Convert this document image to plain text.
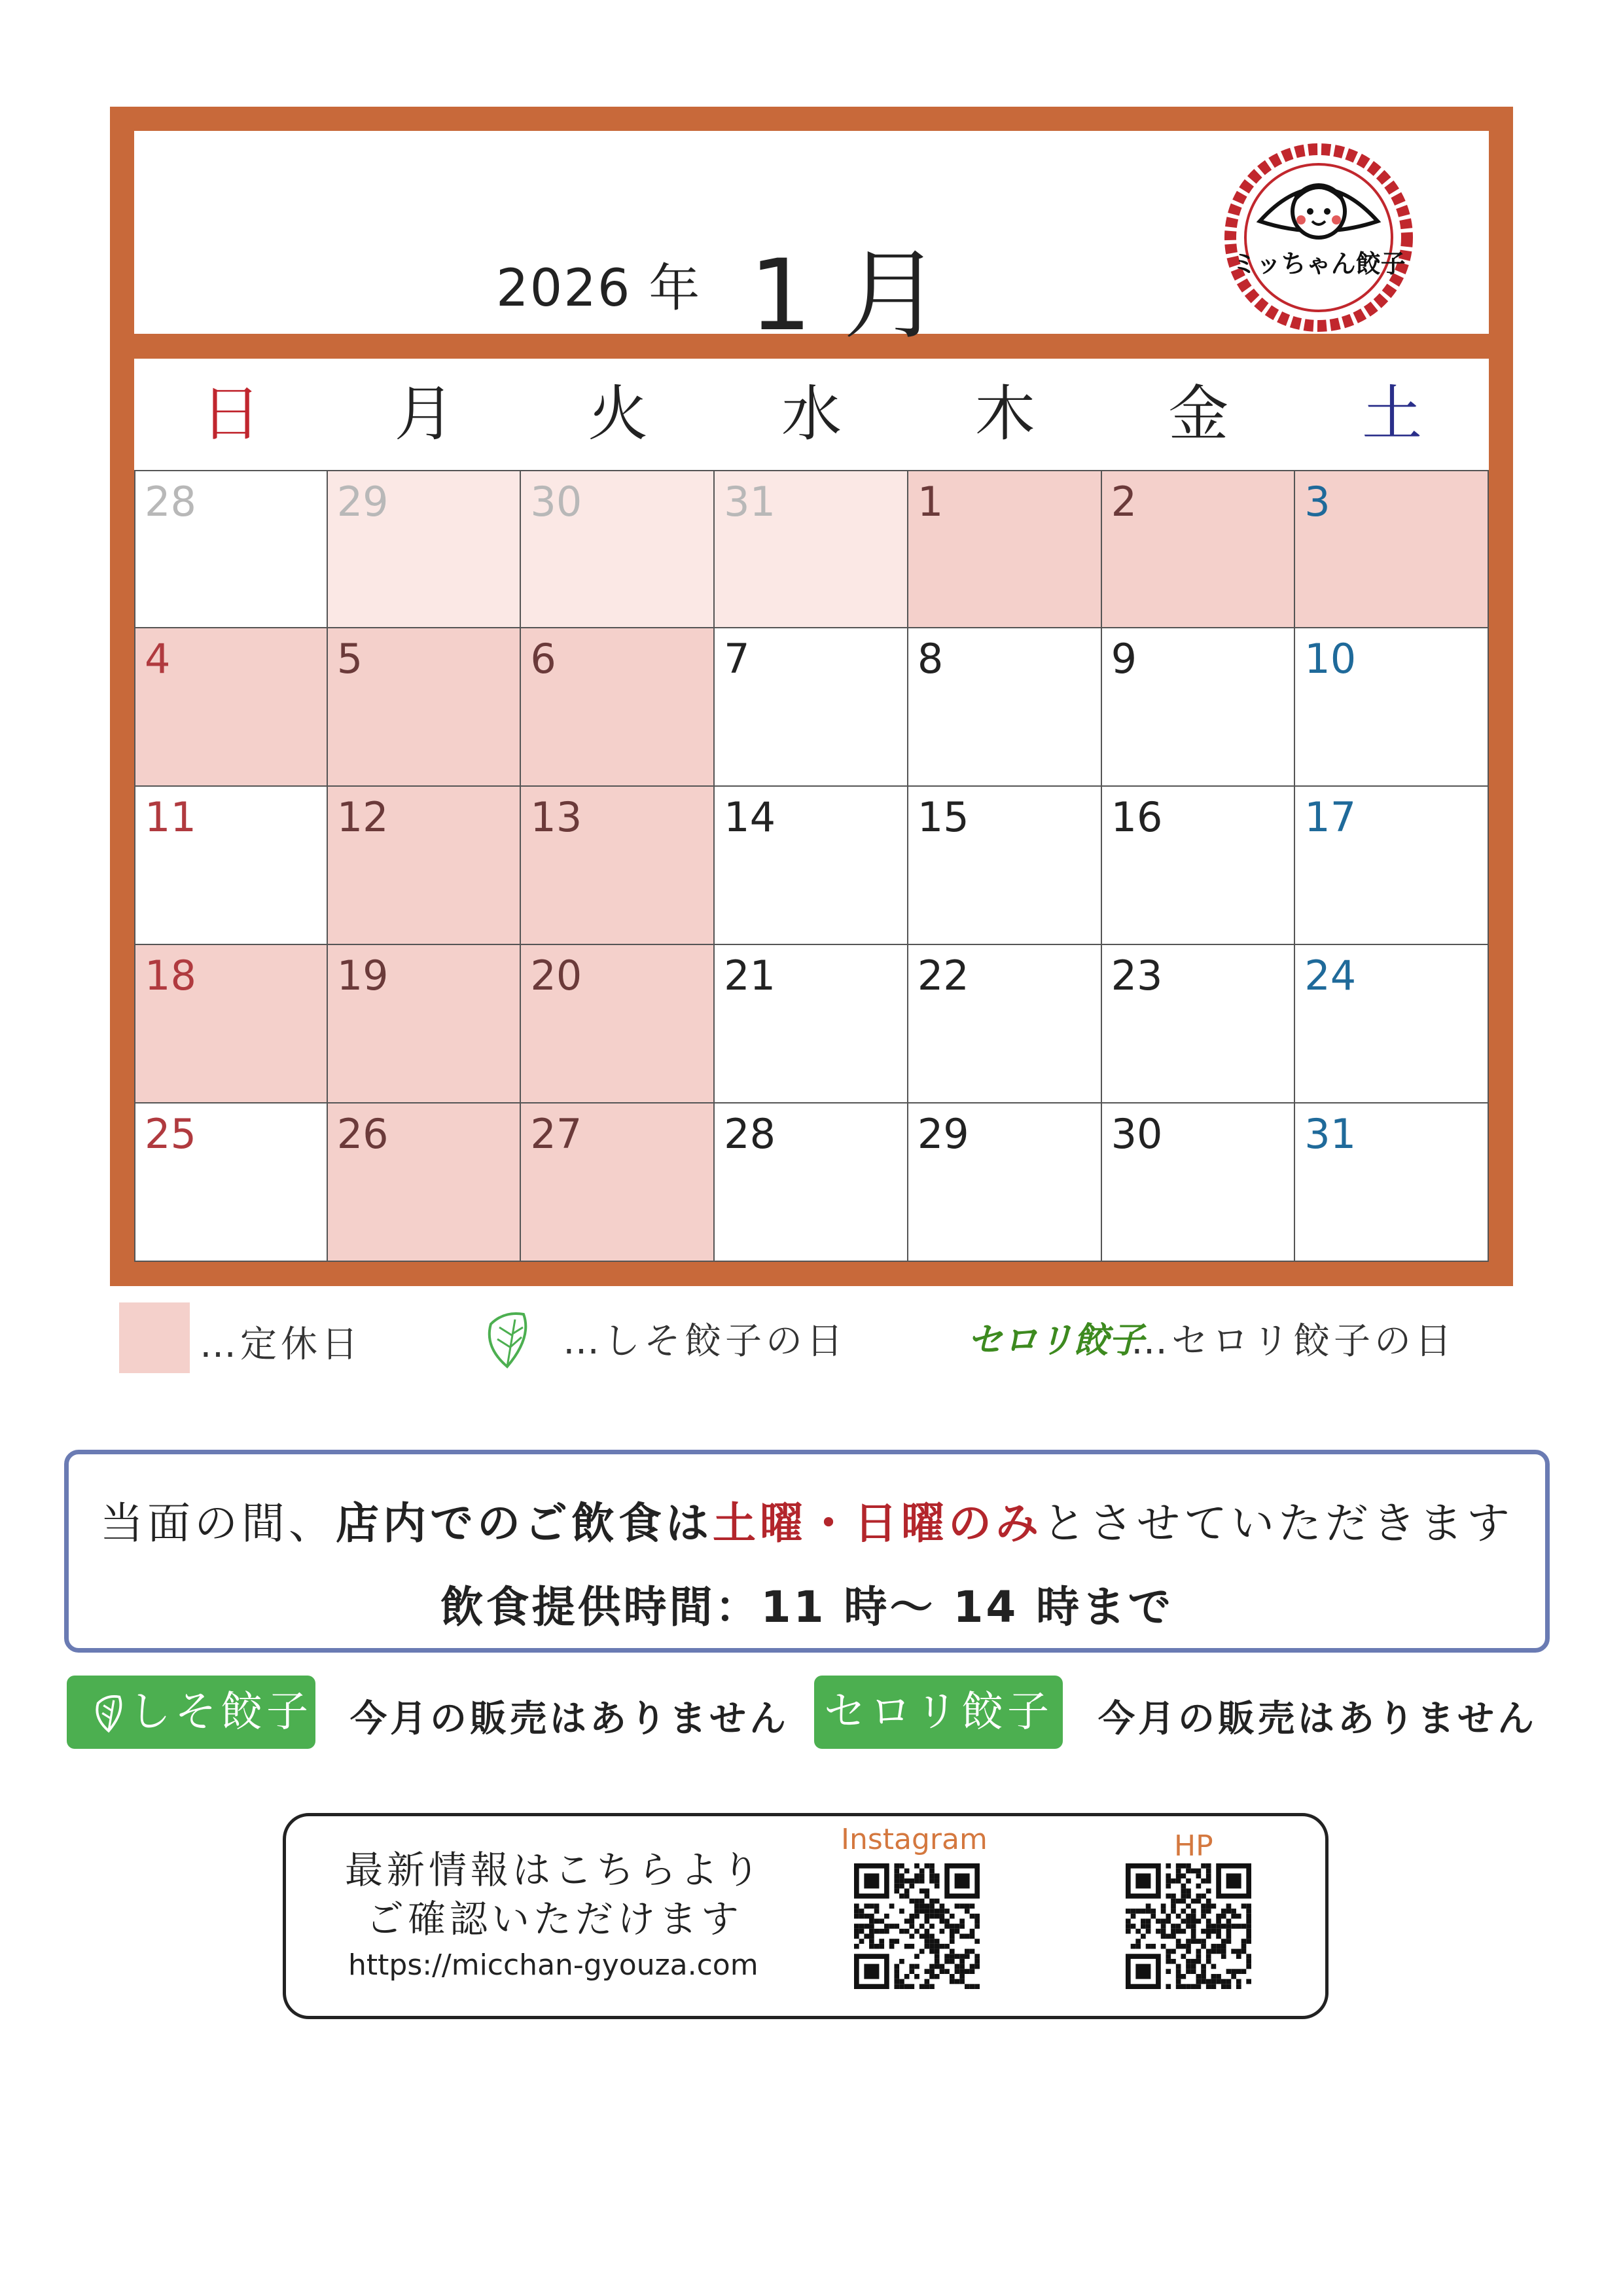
2026 年 1 月	ミッちゃん餃子
日	月	火	水	木	金	土
28	29	30	31	1	2	3
4	5	6	7	8	9	10
11	12	13	14	15	16	17
18	19	20	21	22	23	24
25	26	27	28	29	30	31
…定休日	…しそ餃子の日	セロリ餃子
…セロリ餃子の日
当面の間、店内でのご飲食は土曜・日曜のみとさせていただきます
飲食提供時間：11 時〜 14 時まで
しそ餃子 今月の販売はありません セロリ餃子 今月の販売はありません
最新情報はこちらより
ご確認いただけます
https://micchan-gyouza.com
Instagram	HP
